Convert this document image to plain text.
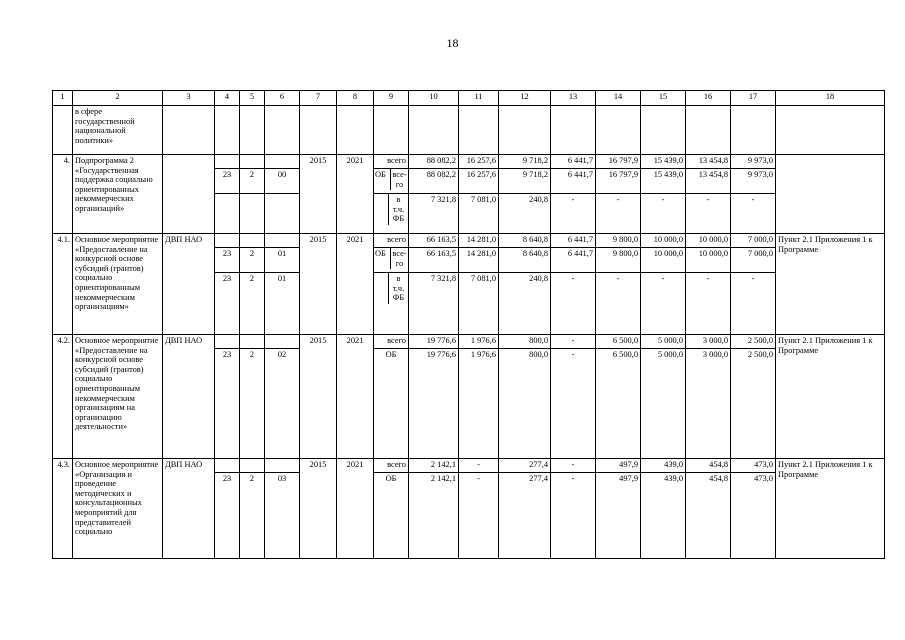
18
1	2	3	4	5	6	7	8	9	10	11	12	13	14	15	16	17	18
	в сфере государственной национальной политики»																
4.	Подпрограмма 2 «Государственная поддержка социально ориентированных некоммерческих организаций»					2015	2021	всего	88 082,2	16 257,6	9 718,2	6 441,7	16 797,9	15 439,0	13 454,8	9 973,0	
			23	2	00			ОБ все-го	88 082,2	16 257,6	9 718,2	6 441,7	16 797,9	15 439,0	13 454,8	9 973,0	

								в т.ч. ФБ	7 321,8	7 081,0	240,8	-	-	-	-	-	
4.1.	Основное мероприятие «Предоставление на конкурсной основе субсидий (грантов) социально ориентированным некоммерческим организациям»	ДВП НАО				2015	2021	всего	66 163,5	14 281,0	8 640,8	6 441,7	9 800,0	10 000,0	10 000,0	7 000,0	Пункт 2.1 Приложения 1 к Программе
			23	2	01			ОБ все-го	66 163,5	14 281,0	8 640,8	6 441,7	9 800,0	10 000,0	10 000,0	7 000,0	
			23	2	01			в т.ч. ФБ	7 321,8	7 081,0	240,8	-	-	-	-	-	
4.2.	Основное мероприятие «Предоставление на конкурсной основе субсидий (грантов) социально ориентированным некоммерческим организациям на организацию деятельности»	ДВП НАО				2015	2021	всего	19 776,6	1 976,6	800,0	-	6 500,0	5 000,0	3 000,0	2 500,0	Пункт 2.1 Приложения 1 к Программе
			23	2	02			ОБ	19 776,6	1 976,6	800,0	-	6 500,0	5 000,0	3 000,0	2 500,0	
4.3.	Основное мероприятие «Организация и проведение методических и консультационных мероприятий для представителей социально	ДВП НАО				2015	2021	всего	2 142,1	-	277,4	-	497,9	439,0	454,8	473,0	Пункт 2.1 Приложения 1 к Программе
			23	2	03			ОБ	2 142,1	-	277,4	-	497,9	439,0	454,8	473,0	
